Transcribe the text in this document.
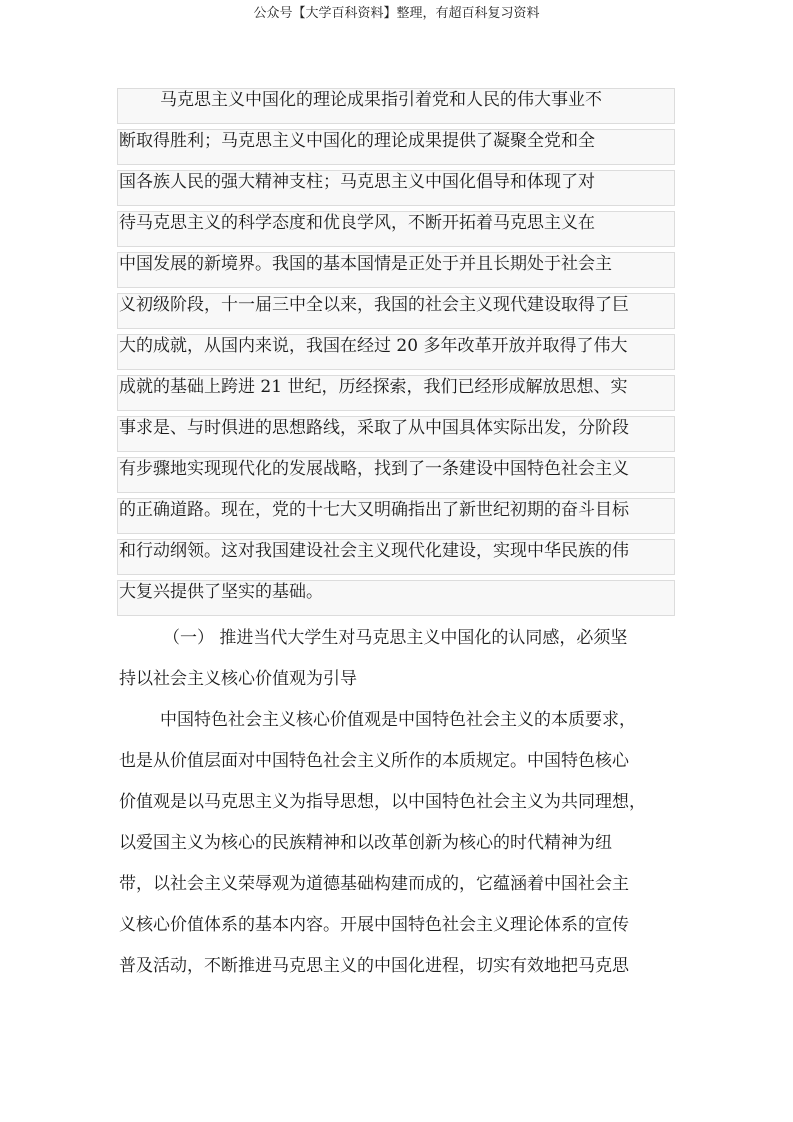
公众号【大学百科资料】整理，有超百科复习资料
马克思主义中国化的理论成果指引着党和人民的伟大事业不
断取得胜利；马克思主义中国化的理论成果提供了凝聚全党和全
国各族人民的强大精神支柱；马克思主义中国化倡导和体现了对
待马克思主义的科学态度和优良学风，不断开拓着马克思主义在
中国发展的新境界。我国的基本国情是正处于并且长期处于社会主
义初级阶段，十一届三中全以来，我国的社会主义现代建设取得了巨
大的成就，从国内来说，我国在经过 20 多年改革开放并取得了伟大
成就的基础上跨进 21 世纪，历经探索，我们已经形成解放思想、实
事求是、与时俱进的思想路线，采取了从中国具体实际出发，分阶段
有步骤地实现现代化的发展战略，找到了一条建设中国特色社会主义
的正确道路。现在，党的十七大又明确指出了新世纪初期的奋斗目标
和行动纲领。这对我国建设社会主义现代化建设，实现中华民族的伟
大复兴提供了坚实的基础。
（一） 推进当代大学生对马克思主义中国化的认同感，必须坚
持以社会主义核心价值观为引导
中国特色社会主义核心价值观是中国特色社会主义的本质要求，
也是从价值层面对中国特色社会主义所作的本质规定。中国特色核心
价值观是以马克思主义为指导思想，以中国特色社会主义为共同理想，
以爱国主义为核心的民族精神和以改革创新为核心的时代精神为纽
带，以社会主义荣辱观为道德基础构建而成的，它蕴涵着中国社会主
义核心价值体系的基本内容。开展中国特色社会主义理论体系的宣传
普及活动，不断推进马克思主义的中国化进程，切实有效地把马克思
